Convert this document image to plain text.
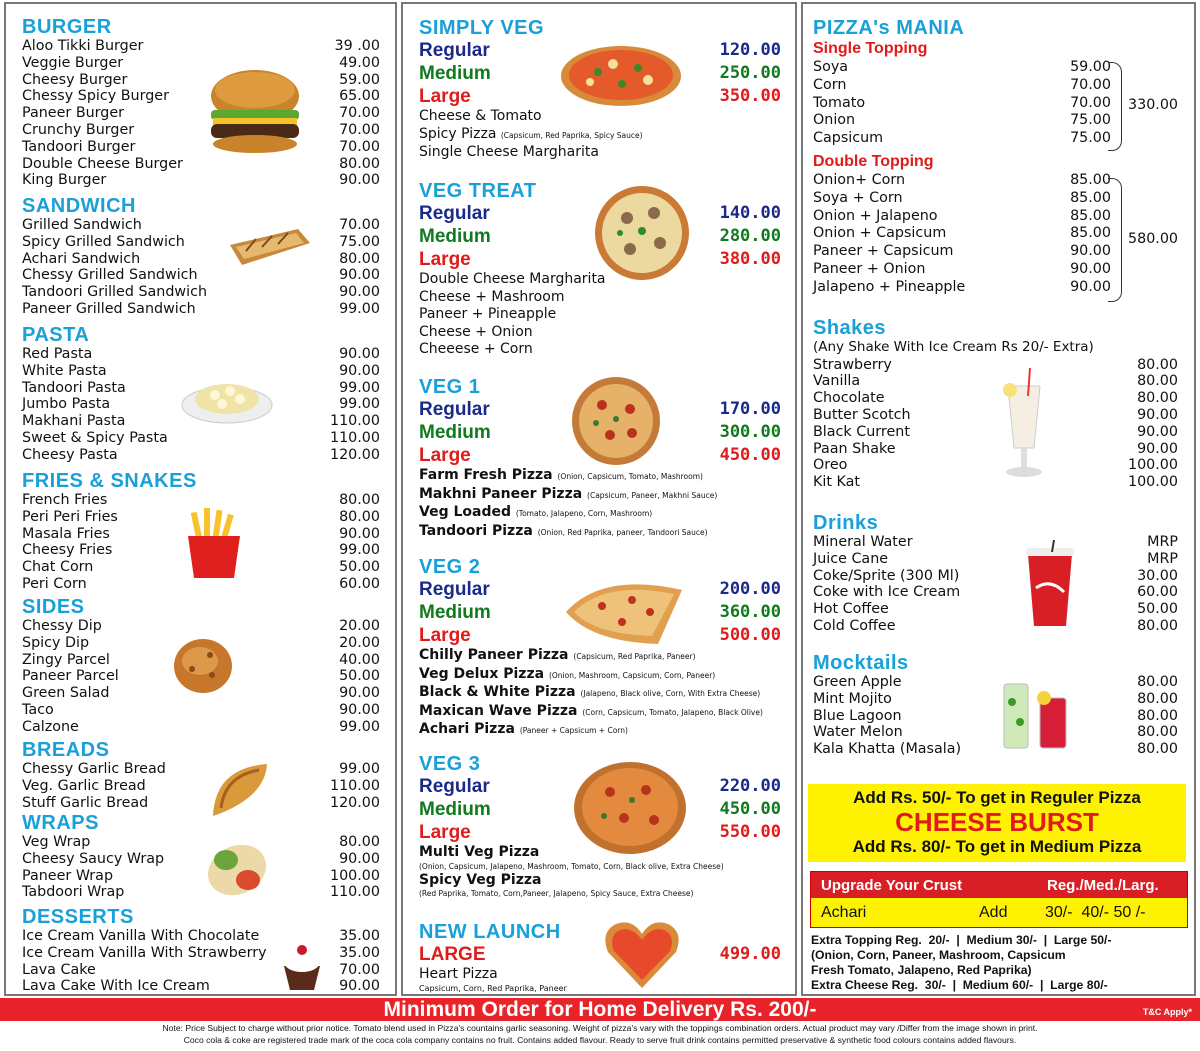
BURGER
Aloo Tikki Burger	39 .00
Veggie Burger	49.00
Cheesy Burger	59.00
Chessy Spicy Burger	65.00
Paneer Burger	70.00
Crunchy Burger	70.00
Tandoori Burger	70.00
Double Cheese Burger	80.00
King Burger	90.00
SANDWICH
Grilled Sandwich	70.00
Spicy Grilled Sandwich	75.00
Achari Sandwich	80.00
Chessy Grilled Sandwich	90.00
Tandoori Grilled Sandwich	90.00
Paneer Grilled Sandwich	99.00
PASTA
Red Pasta	90.00
White Pasta	90.00
Tandoori Pasta	99.00
Jumbo Pasta	99.00
Makhani Pasta	110.00
Sweet & Spicy Pasta	110.00
Cheesy Pasta	120.00
FRIES & SNAKES
French Fries	80.00
Peri Peri Fries	80.00
Masala Fries	90.00
Cheesy Fries	99.00
Chat Corn	50.00
Peri Corn	60.00
SIDES
Chessy Dip	20.00
Spicy Dip	20.00
Zingy Parcel	40.00
Paneer Parcel	50.00
Green Salad	90.00
Taco	90.00
Calzone	99.00
BREADS
Chessy Garlic Bread	99.00
Veg. Garlic Bread	110.00
Stuff Garlic Bread	120.00
WRAPS
Veg Wrap	80.00
Cheesy Saucy Wrap	90.00
Paneer Wrap	100.00
Tabdoori Wrap	110.00
DESSERTS
Ice Cream Vanilla With Chocolate	35.00
Ice Cream Vanilla With Strawberry	35.00
Lava Cake	70.00
Lava Cake With Ice Cream	90.00
SIMPLY VEG
Regular	120.00
Medium	250.00
Large	350.00
Cheese & Tomato
Spicy Pizza (Capsicum, Red Paprika, Spicy Sauce)
Single Cheese Margharita
VEG TREAT
Regular	140.00
Medium	280.00
Large	380.00
Double Cheese Margharita
Cheese + Mashroom
Paneer + Pineapple
Cheese + Onion
Cheeese + Corn
VEG 1
Regular	170.00
Medium	300.00
Large	450.00
Farm Fresh Pizza (Onion, Capsicum, Tomato, Mashroom)
Makhni Paneer Pizza (Capsicum, Paneer, Makhni Sauce)
Veg Loaded (Tomato, Jalapeno, Corn, Mashroom)
Tandoori Pizza (Onion, Red Paprika, paneer, Tandoori Sauce)
VEG 2
Regular	200.00
Medium	360.00
Large	500.00
Chilly Paneer Pizza (Capsicum, Red Paprika, Paneer)
Veg Delux Pizza (Onion, Mashroom, Capsicum, Corn, Paneer)
Black & White Pizza (Jalapeno, Black olive, Corn, With Extra Cheese)
Maxican Wave Pizza (Corn, Capsicum, Tomato, Jalapeno, Black Olive)
Achari Pizza (Paneer + Capsicum + Corn)
VEG 3
Regular	220.00
Medium	450.00
Large	550.00
Multi Veg Pizza
(Onion, Capsicum, Jalapeno, Mashroom, Tomato, Corn, Black olive, Extra Cheese)
Spicy Veg Pizza
(Red Paprika, Tomato, Corn,Paneer, Jalapeno, Spicy Sauce, Extra Cheese)
NEW LAUNCH
LARGE	499.00
Heart Pizza
Capsicum, Corn, Red Paprika, Paneer
PIZZA's MANIA
Single Topping
Soya	59.00
Corn	70.00
Tomato	70.00
Onion	75.00
Capsicum	75.00
Double Topping
Onion+ Corn	85.00
Soya + Corn	85.00
Onion + Jalapeno	85.00
Onion + Capsicum	85.00
Paneer + Capsicum	90.00
Paneer + Onion	90.00
Jalapeno + Pineapple	90.00
330.00
580.00
Shakes
(Any Shake With Ice Cream Rs 20/- Extra)
Strawberry	80.00
Vanilla	80.00
Chocolate	80.00
Butter Scotch	90.00
Black Current	90.00
Paan Shake	90.00
Oreo	100.00
Kit Kat	100.00
Drinks
Mineral Water	MRP
Juice Cane	MRP
Coke/Sprite (300 Ml)	30.00
Coke with Ice Cream	60.00
Hot Coffee	50.00
Cold Coffee	80.00
Mocktails
Green Apple	80.00
Mint Mojito	80.00
Blue Lagoon	80.00
Water Melon	80.00
Kala Khatta (Masala)	80.00
Add Rs. 50/- To get in Reguler Pizza
CHEESE BURST
Add Rs. 80/- To get in Medium Pizza
Upgrade Your Crust	Reg./Med./Larg.
Achari	Add	30/-  40/- 50 /-
Extra Topping Reg.  20/-  |  Medium 30/-  |  Large 50/-
(Onion, Corn, Paneer, Mashroom, Capsicum
Fresh Tomato, Jalapeno, Red Paprika)
Extra Cheese Reg.  30/-  |  Medium 60/-  |  Large 80/-
Minimum Order for Home Delivery Rs. 200/-	T&C Apply*
Note: Price Subject to charge without prior notice. Tomato blend used in Pizza's countains garlic seasoning. Weight of pizza's vary with the toppings combination orders. Actual product may vary /Differ from the image shown in print.
Coco cola & coke are registered trade mark of the coca cola company contains no fruit. Contains added flavour. Ready to serve fruit drink contains permitted preservative & synthetic food colours contains added flavours.
